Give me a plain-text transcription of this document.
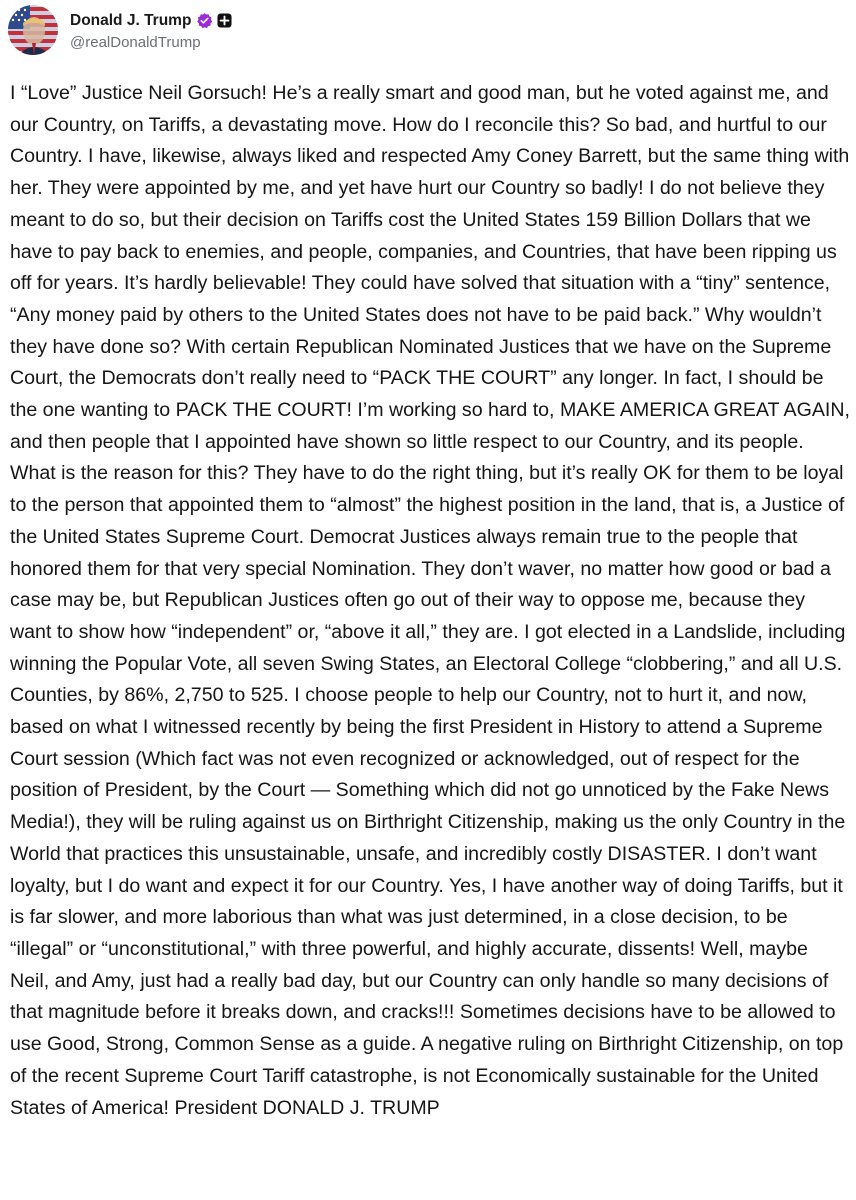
Donald J. Trump
@realDonaldTrump

I “Love” Justice Neil Gorsuch! He’s a really smart and good man, but he voted against me, and our Country, on Tariffs, a devastating move. How do I reconcile this? So bad, and hurtful to our Country. I have, likewise, always liked and respected Amy Coney Barrett, but the same thing with her. They were appointed by me, and yet have hurt our Country so badly! I do not believe they meant to do so, but their decision on Tariffs cost the United States 159 Billion Dollars that we have to pay back to enemies, and people, companies, and Countries, that have been ripping us off for years. It’s hardly believable! They could have solved that situation with a “tiny” sentence, “Any money paid by others to the United States does not have to be paid back.” Why wouldn’t they have done so? With certain Republican Nominated Justices that we have on the Supreme Court, the Democrats don’t really need to “PACK THE COURT” any longer. In fact, I should be the one wanting to PACK THE COURT! I’m working so hard to, MAKE AMERICA GREAT AGAIN, and then people that I appointed have shown so little respect to our Country, and its people. What is the reason for this? They have to do the right thing, but it’s really OK for them to be loyal to the person that appointed them to “almost” the highest position in the land, that is, a Justice of the United States Supreme Court. Democrat Justices always remain true to the people that honored them for that very special Nomination. They don’t waver, no matter how good or bad a case may be, but Republican Justices often go out of their way to oppose me, because they want to show how “independent” or, “above it all,” they are. I got elected in a Landslide, including winning the Popular Vote, all seven Swing States, an Electoral College “clobbering,” and all U.S. Counties, by 86%, 2,750 to 525. I choose people to help our Country, not to hurt it, and now, based on what I witnessed recently by being the first President in History to attend a Supreme Court session (Which fact was not even recognized or acknowledged, out of respect for the position of President, by the Court — Something which did not go unnoticed by the Fake News Media!), they will be ruling against us on Birthright Citizenship, making us the only Country in the World that practices this unsustainable, unsafe, and incredibly costly DISASTER. I don’t want loyalty, but I do want and expect it for our Country. Yes, I have another way of doing Tariffs, but it is far slower, and more laborious than what was just determined, in a close decision, to be “illegal” or “unconstitutional,” with three powerful, and highly accurate, dissents! Well, maybe Neil, and Amy, just had a really bad day, but our Country can only handle so many decisions of that magnitude before it breaks down, and cracks!!! Sometimes decisions have to be allowed to use Good, Strong, Common Sense as a guide. A negative ruling on Birthright Citizenship, on top of the recent Supreme Court Tariff catastrophe, is not Economically sustainable for the United States of America! President DONALD J. TRUMP
